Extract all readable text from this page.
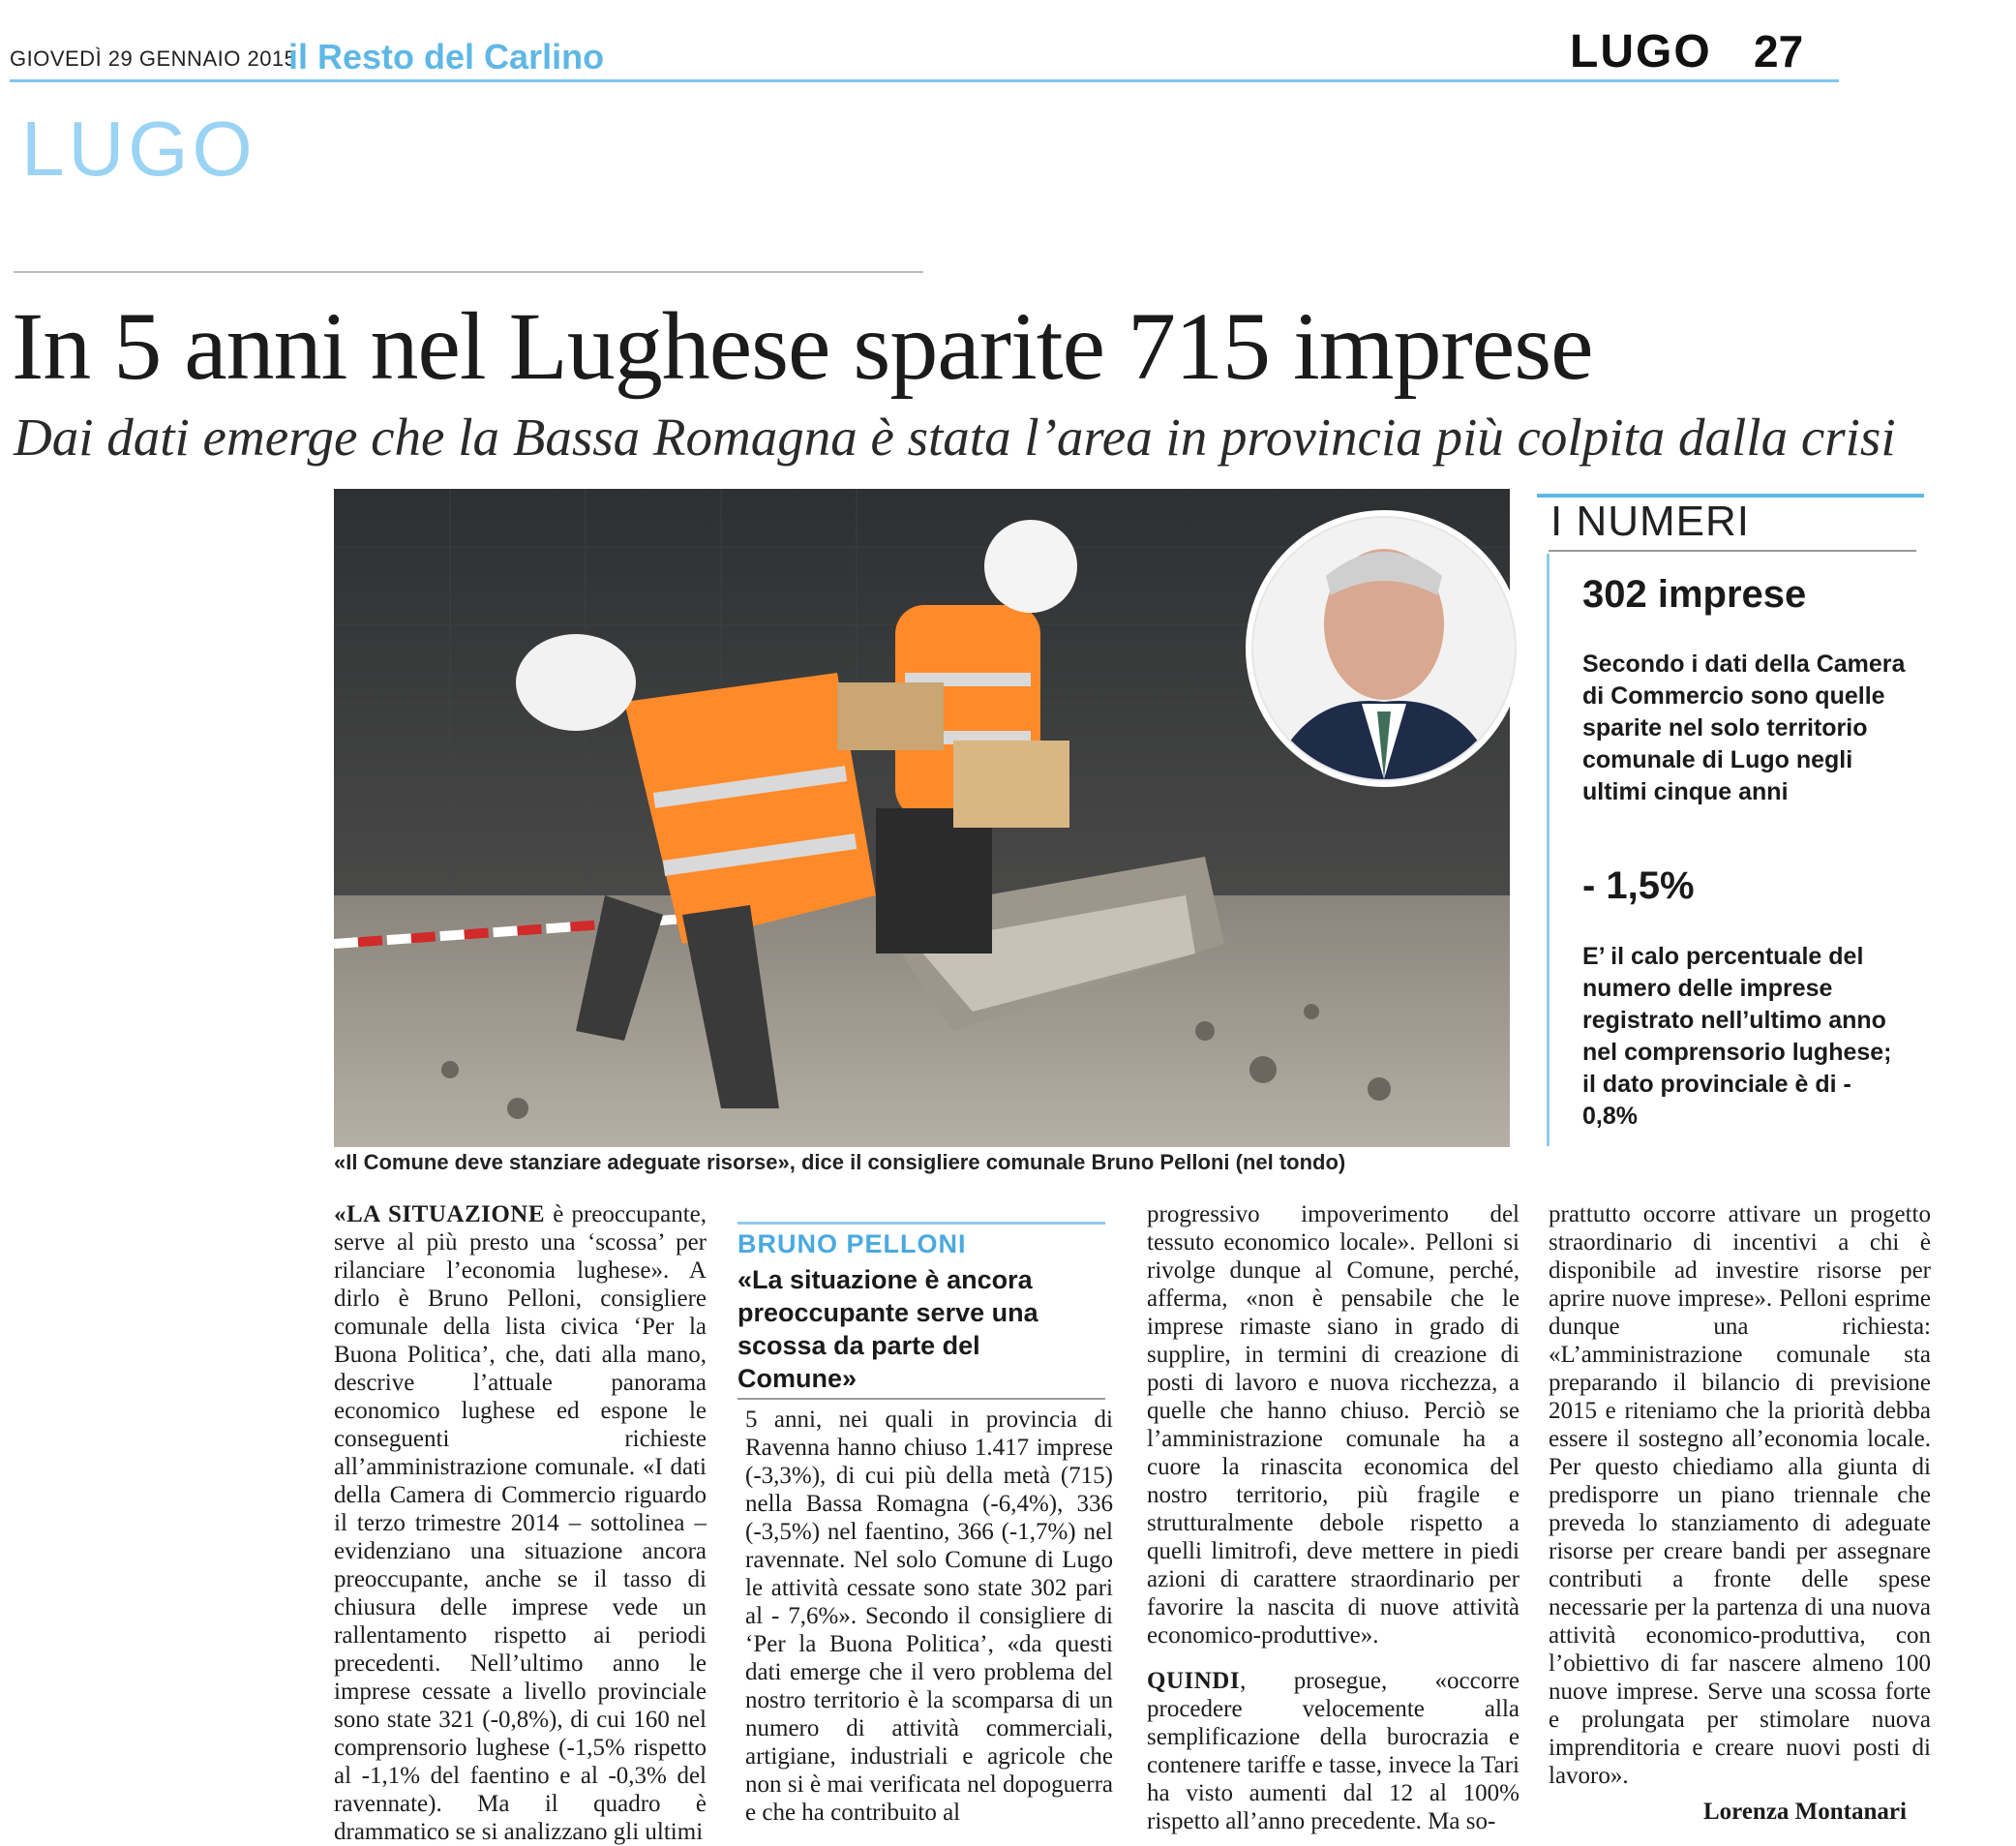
GIOVEDÌ 29 GENNAIO 2015
il Resto del Carlino	LUGO 27
LUGO
In 5 anni nel Lughese sparite 715 imprese
Dai dati emerge che la Bassa Romagna è stata l’area in provincia più colpita dalla crisi
I NUMERI
302 imprese
Secondo i dati della Camera di Commercio sono quelle sparite nel solo territorio comunale di Lugo negli ultimi cinque anni
- 1,5%
E’ il calo percentuale del numero delle imprese registrato nell’ultimo anno nel comprensorio lughese; il dato provinciale è di - 0,8%
«Il Comune deve stanziare adeguate risorse», dice il consigliere comunale Bruno Pelloni (nel tondo)

«LA SITUAZIONE è preoccupante, serve al più presto una ‘scossa’ per rilanciare l’economia lughese». A dirlo è Bruno Pelloni, consigliere comunale della lista civica ‘Per la Buona Politica’, che, dati alla mano, descrive l’attuale panorama economico lughese ed espone le conseguenti richieste all’amministrazione comunale. «I dati della Camera di Commercio riguardo il terzo trimestre 2014 – sottolinea – evidenziano una situazione ancora preoccupante, anche se il tasso di chiusura delle imprese vede un rallentamento rispetto ai periodi precedenti. Nell’ultimo anno le imprese cessate a livello provinciale sono state 321 (-0,8%), di cui 160 nel comprensorio lughese (-1,5% rispetto al -1,1% del faentino e al -0,3% del ravennate). Ma il quadro è drammatico se si analizzano gli ultimi

BRUNO PELLONI
«La situazione è ancora preoccupante serve una scossa da parte del Comune»

5 anni, nei quali in provincia di Ravenna hanno chiuso 1.417 imprese (-3,3%), di cui più della metà (715) nella Bassa Romagna (-6,4%), 336 (-3,5%) nel faentino, 366 (-1,7%) nel ravennate. Nel solo Comune di Lugo le attività cessate sono state 302 pari al - 7,6%». Secondo il consigliere di ‘Per la Buona Politica’, «da questi dati emerge che il vero problema del nostro territorio è la scomparsa di un numero di attività commerciali, artigiane, industriali e agricole che non si è mai verificata nel dopoguerra e che ha contribuito al

progressivo impoverimento del tessuto economico locale». Pelloni si rivolge dunque al Comune, perché, afferma, «non è pensabile che le imprese rimaste siano in grado di supplire, in termini di creazione di posti di lavoro e nuova ricchezza, a quelle che hanno chiuso. Perciò se l’amministrazione comunale ha a cuore la rinascita economica del nostro territorio, più fragile e strutturalmente debole rispetto a quelli limitrofi, deve mettere in piedi azioni di carattere straordinario per favorire la nascita di nuove attività economico-produttive».

QUINDI, prosegue, «occorre procedere velocemente alla semplificazione della burocrazia e contenere tariffe e tasse, invece la Tari ha visto aumenti dal 12 al 100% rispetto all’anno precedente. Ma so-

prattutto occorre attivare un progetto straordinario di incentivi a chi è disponibile ad investire risorse per aprire nuove imprese». Pelloni esprime dunque una richiesta: «L’amministrazione comunale sta preparando il bilancio di previsione 2015 e riteniamo che la priorità debba essere il sostegno all’economia locale. Per questo chiediamo alla giunta di predisporre un piano triennale che preveda lo stanziamento di adeguate risorse per creare bandi per assegnare contributi a fronte delle spese necessarie per la partenza di una nuova attività economico-produttiva, con l’obiettivo di far nascere almeno 100 nuove imprese. Serve una scossa forte e prolungata per stimolare nuova imprenditoria e creare nuovi posti di lavoro».

Lorenza Montanari
